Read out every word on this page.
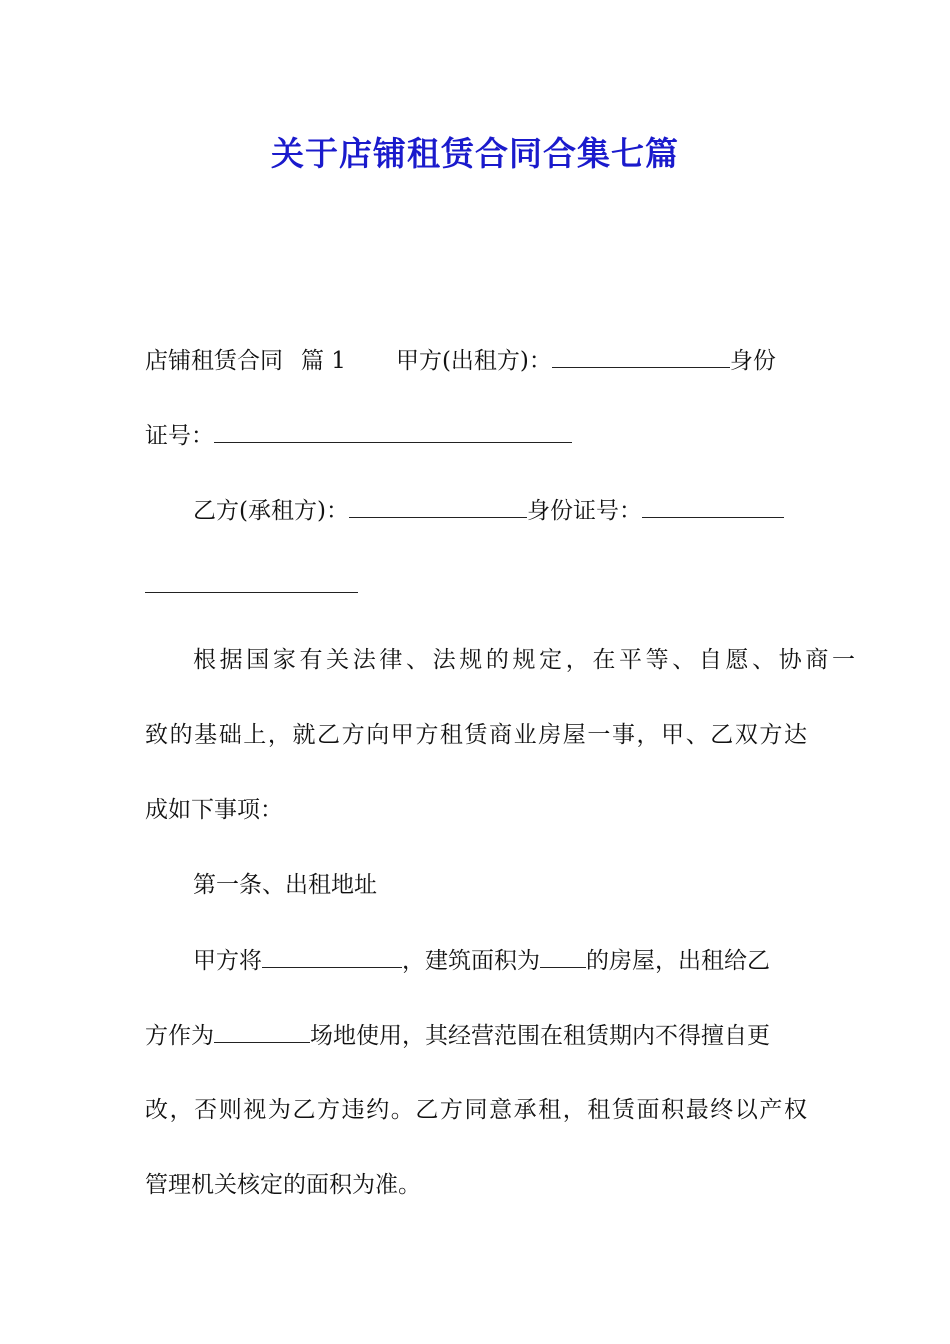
关于店铺租赁合同合集七篇
店铺租赁合同 篇 1 甲方(出租方)：	身份
证号：
乙方(承租方)：	身份证号：
根据国家有关法律、法规的规定，在平等、自愿、协商一
致的基础上，就乙方向甲方租赁商业房屋一事，甲、乙双方达
成如下事项：
第一条、出租地址
甲方将	，建筑面积为 的房屋，出租给乙
方作为	场地使用，其经营范围在租赁期内不得擅自更
改，否则视为乙方违约。乙方同意承租，租赁面积最终以产权
管理机关核定的面积为准。
